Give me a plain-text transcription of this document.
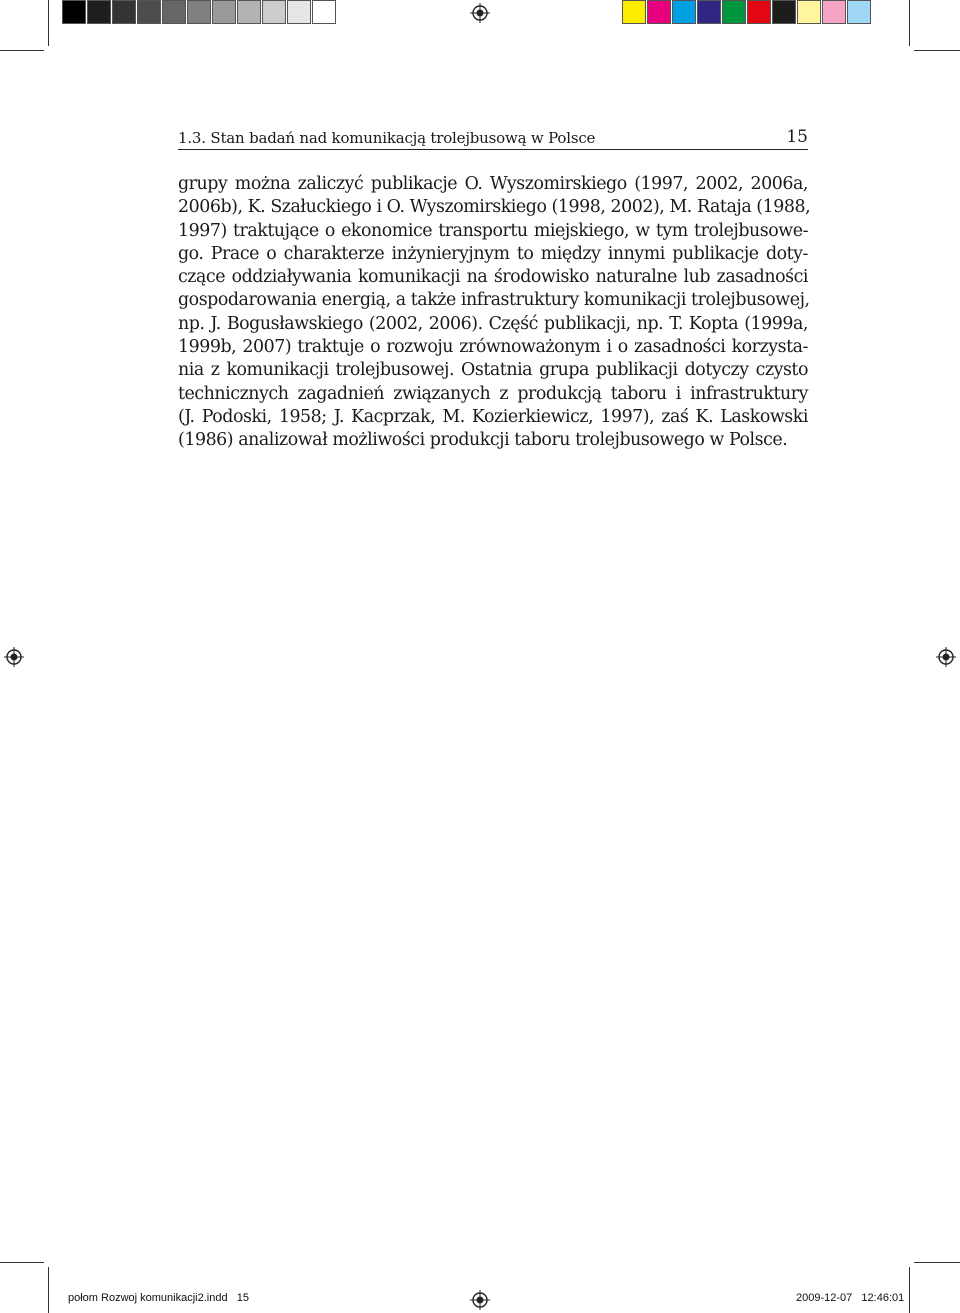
1.3. Stan badań nad komunikacją trolejbusową w Polsce	15

grupy można zaliczyć publikacje O. Wyszomirskiego (1997, 2002, 2006a,
2006b), K. Szałuckiego i O. Wyszomirskiego (1998, 2002), M. Rataja (1988,
1997) traktujące o ekonomice transportu miejskiego, w tym trolejbusowe-
go. Prace o charakterze inżynieryjnym to między innymi publikacje doty-
czące oddziaływania komunikacji na środowisko naturalne lub zasadności
gospodarowania energią, a także infrastruktury komunikacji trolejbusowej,
np. J. Bogusławskiego (2002, 2006). Część publikacji, np. T. Kopta (1999a,
1999b, 2007) traktuje o rozwoju zrównoważonym i o zasadności korzysta-
nia z komunikacji trolejbusowej. Ostatnia grupa publikacji dotyczy czysto
technicznych zagadnień związanych z produkcją taboru i infrastruktury
(J. Podoski, 1958; J. Kacprzak, M. Kozierkiewicz, 1997), zaś K. Laskowski
(1986) analizował możliwości produkcji taboru trolejbusowego w Polsce.

połom Rozwoj komunikacji2.indd   15	2009-12-07   12:46:01
